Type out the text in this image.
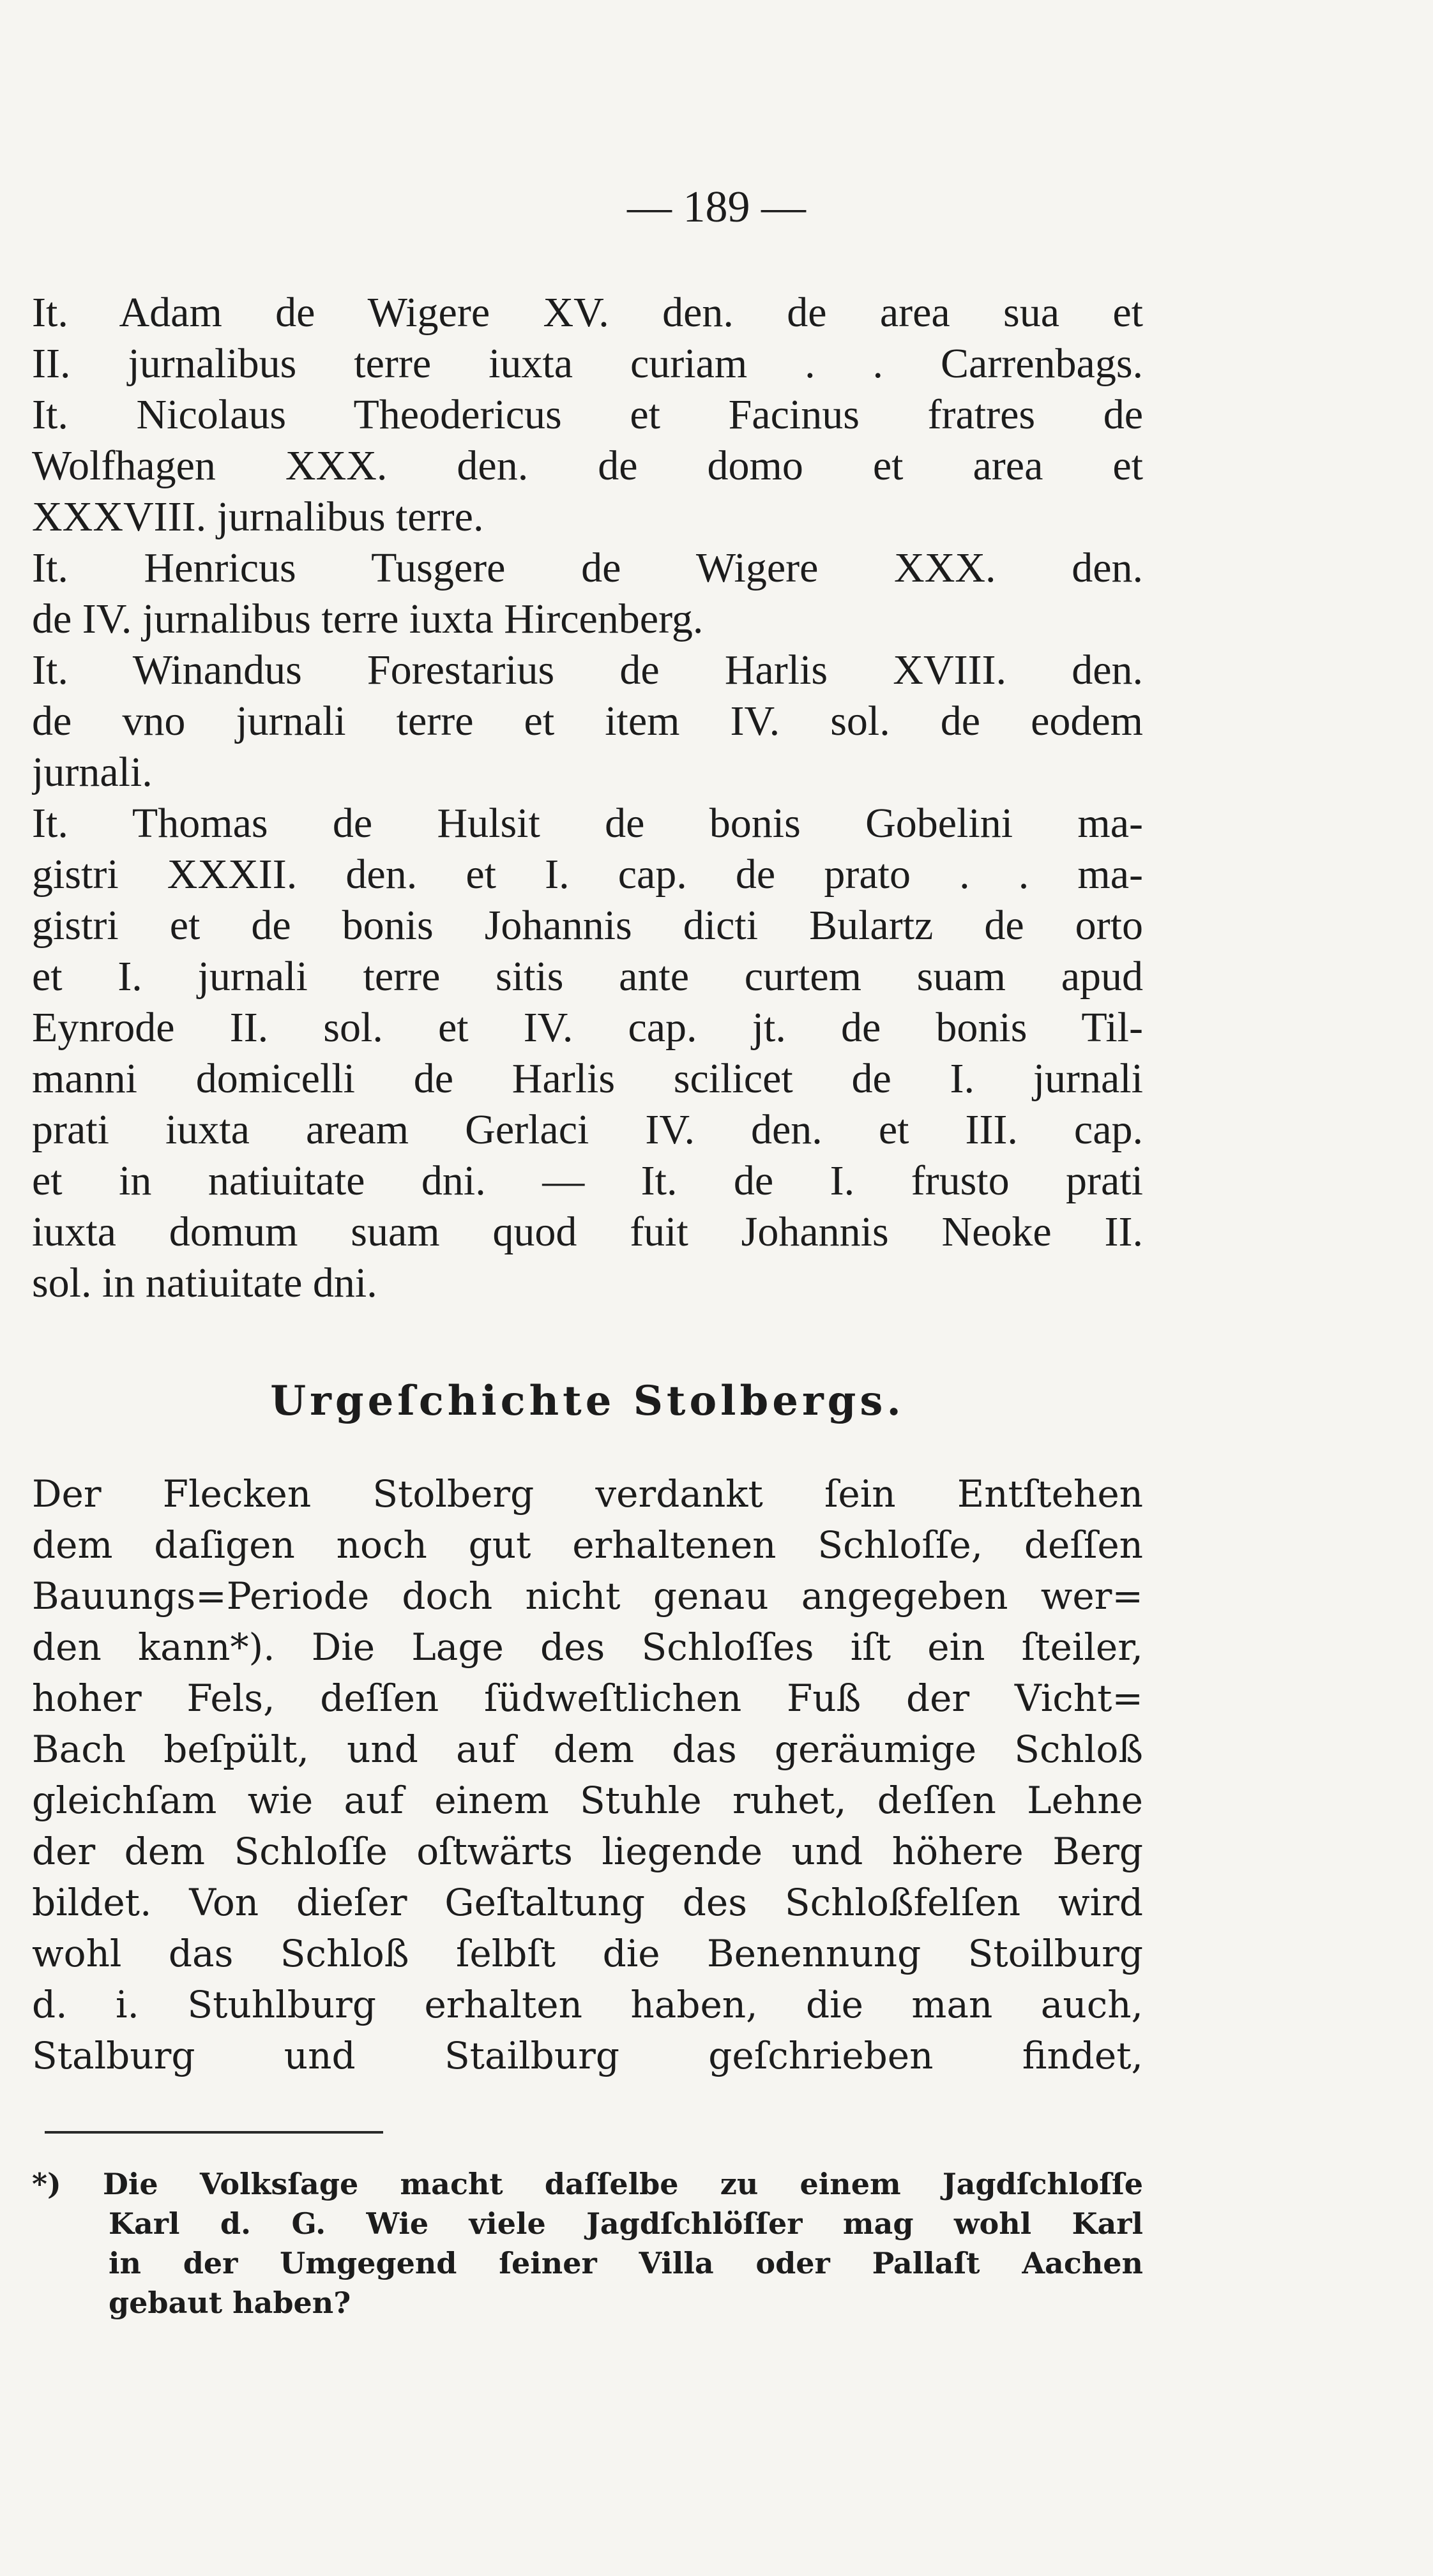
— 189 —
It. Adam de Wigere XV. den. de area sua et
II. jurnalibus terre iuxta curiam . . Carrenbags.
It. Nicolaus Theodericus et Facinus fratres de
Wolfhagen XXX. den. de domo et area et
XXXVIII. jurnalibus terre.
It. Henricus Tusgere de Wigere XXX. den.
de IV. jurnalibus terre iuxta Hircenberg.
It. Winandus Forestarius de Harlis XVIII. den.
de vno jurnali terre et item IV. sol. de eodem
jurnali.
It. Thomas de Hulsit de bonis Gobelini ma-
gistri XXXII. den. et I. cap. de prato . . ma-
gistri et de bonis Johannis dicti Bulartz de orto
et I. jurnali terre sitis ante curtem suam apud
Eynrode II. sol. et IV. cap. jt. de bonis Til-
manni domicelli de Harlis scilicet de I. jurnali
prati iuxta aream Gerlaci IV. den. et III. cap.
et in natiuitate dni. — It. de I. frusto prati
iuxta domum suam quod fuit Johannis Neoke II.
sol. in natiuitate dni.
Urgeſchichte Stolbergs.
Der Flecken Stolberg verdankt ſein Entſtehen
dem daſigen noch gut erhaltenen Schloſſe, deſſen
Bauungs=Periode doch nicht genau angegeben wer=
den kann*). Die Lage des Schloſſes iſt ein ſteiler,
hoher Fels, deſſen ſüdweſtlichen Fuß der Vicht=
Bach beſpült, und auf dem das geräumige Schloß
gleichſam wie auf einem Stuhle ruhet, deſſen Lehne
der dem Schloſſe oſtwärts liegende und höhere Berg
bildet. Von dieſer Geſtaltung des Schloßfelſen wird
wohl das Schloß ſelbſt die Benennung Stoilburg
d. i. Stuhlburg erhalten haben, die man auch,
Stalburg und Stailburg geſchrieben findet,
*) Die Volksſage macht daſſelbe zu einem Jagdſchloſſe
Karl d. G. Wie viele Jagdſchlöſſer mag wohl Karl
in der Umgegend ſeiner Villa oder Pallaſt Aachen
gebaut haben?
